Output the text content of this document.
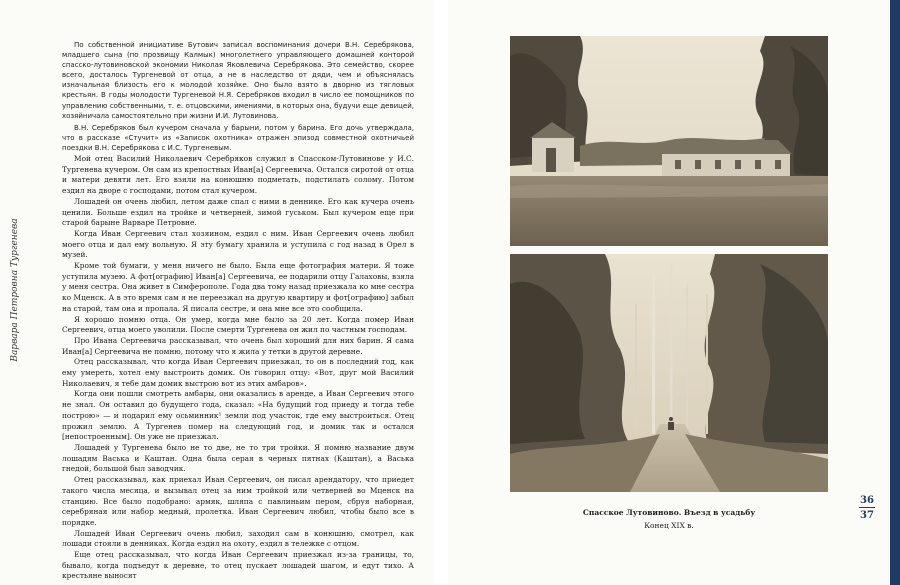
Варвара Петровна Тургенева

По собственной инициативе Бутович записал воспоминания дочери В.Н. Серебрякова, младшего сына (по прозвищу Калмык) многолетнего управляющего домашней конторой спасско-лутовиновской экономии Николая Яковлевича Серебрякова. Это семейство, скорее всего, досталось Тургеневой от отца, а не в наследство от дяди, чем и объясняласъ изначальная близость его к молодой хозяйке. Оно было взято в дворню из тягловых крестьян. В годы молодости Тургеневой Н.Я. Серебряков входил в число ее помощников по управлению собственными, т. е. отцовскими, имениями, в которых она, будучи еще девицей, хозяйничала самостоятельно при жизни И.И. Лутовинова.

В.Н. Серебряков был кучером сначала у барыни, потом у барина. Его дочь утверждала, что в рассказе «Стучит» из «Записок охотника» отражен эпизод совместной охотничьей поездки В.Н. Серебрякова с И.С. Тургеневым.

Мой отец Василий Николаевич Серебряков служил в Спасском-Лутовинове у И.С. Тургенева кучером. Он сам из крепостных Иван[а] Сергеевича. Остался сиротой от отца и матери девяти лет. Его взяли на конюшню подметать, подстилать солому. Потом ездил на дворе с господами, потом стал кучером.

Лошадей он очень любил, летом даже спал с ними в деннике. Его как кучера очень ценили. Больше ездил на тройке и четверней, зимой гуськом. Был кучером еще при старой барыне Варваре Петровне.

Когда Иван Сергеевич стал хозяином, ездил с ним. Иван Сергеевич очень любил моего отца и дал ему вольную. Я эту бумагу хранила и уступила с год назад в Орел в музей.

Кроме той бумаги, у меня ничего не было. Была еще фотография матери. Я тоже уступила музею. А фот[ографию] Иван[а] Сергеевича, ее подарили отцу Галаховы, взяла у меня сестра. Она живет в Симферополе. Года два тому назад приезжала ко мне сестра ко Мценск. А в это время сам я не переезжал на другую квартиру и фот[ографию] забыл на старой, там она и пропала. Я писала сестре, и она мне все это сообщила.

Я хорошо помню отца. Он умер, когда мне было за 20 лет. Когда помер Иван Сергеевич, отца моего уволили. После смерти Тургенева он жил по частным господам.

Про Ивана Сергеевича рассказывал, что очень был хороший для них барин. Я сама Иван[а] Сергеевича не помню, потому что я жила у тетки в другой деревне.

Отец рассказывал, что когда Иван Сергеевич приезжал, то он в последний год, как ему умереть, хотел ему выстроить домик. Он говорил отцу: «Вот, друг мой Василий Николаевич, я тебе дам домик выстрою вот из этих амбаров».

Когда они пошли смотреть амбары, они оказались в аренде, а Иван Сергеевич этого не знал. Он оставил до будущего года, сказал: «На будущий год приеду и тогда тебе построю» — и подарил ему осьминник¹ земли под участок, где ему выстроиться. Отец прожил землю. А Тургенев помер на следующий год, и домик так и остался [непостроенным]. Он уже не приезжал.

Лошадей у Тургенева было не то две, не то три тройки. Я помню название двум лошадям Васька и Каштан. Одна была серая в черных пятнах (Каштан), а Васька гнедой, большой был заводчик.

Отец рассказывал, как приехал Иван Сергеевич, он писал арендатору, что приедет такого числа месяца, и вызывал отец за ним тройкой или четверней во Мценск на станцию. Все было подобрано: армяк, шляпа с павлиньим пером, сбруя наборная, серебряная или набор медный, пролетка. Иван Сергеевич любил, чтобы было все в порядке.

Лошадей Иван Сергеевич очень любил, заходил сам в конюшню, смотрел, как лошади стояли в денниках. Когда ездил на охоту, ездил в тележке с отцом.

Еще отец рассказывал, что когда Иван Сергеевич приезжал из-за границы, то, бывало, когда подъедут к деревне, то отец пускает лошадей шагом, и едут тихо. А крестьяне выносят

Спасское Лутовиново. Въезд в усадьбу
Конец XIX в.
36
37
